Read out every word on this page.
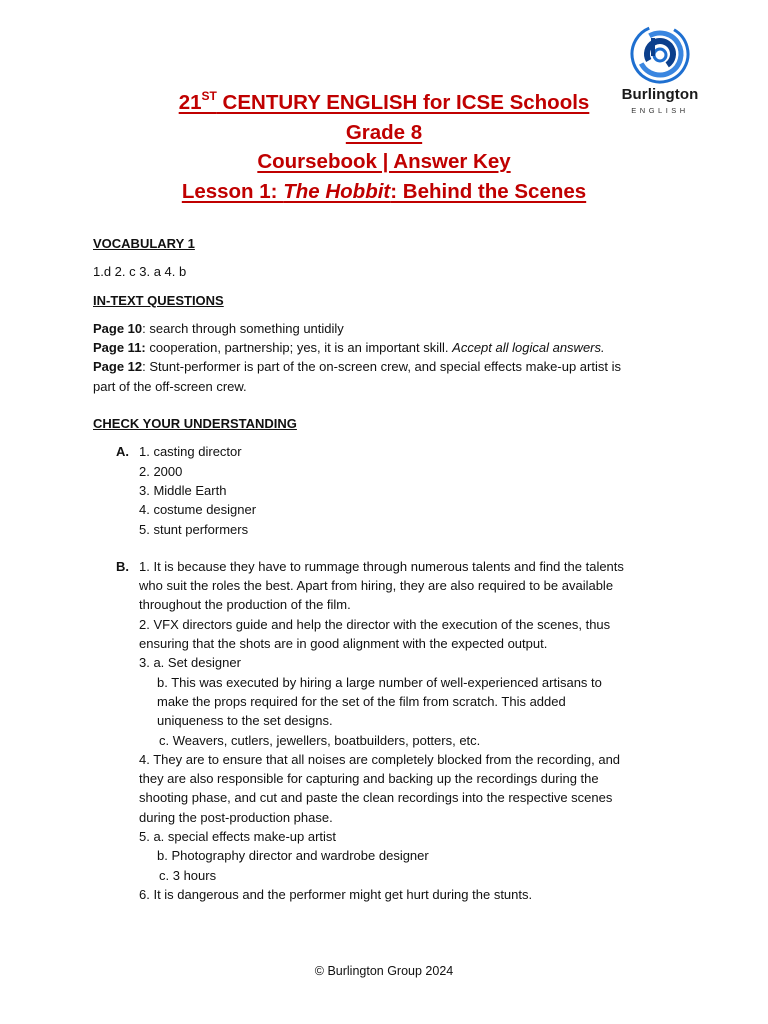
Burlington
ENGLISH
21ST CENTURY ENGLISH for ICSE Schools
Grade 8
Coursebook | Answer Key
Lesson 1: The Hobbit: Behind the Scenes

VOCABULARY 1

1.d 2. c 3. a 4. b

IN-TEXT QUESTIONS

Page 10: search through something untidily

Page 11: cooperation, partnership; yes, it is an important skill. Accept all logical answers.

Page 12: Stunt-performer is part of the on-screen crew, and special effects make-up artist is

part of the off-screen crew.

CHECK YOUR UNDERSTANDING

A. 1. casting director
2. 2000
3. Middle Earth
4. costume designer
5. stunt performers
B. 1. It is because they have to rummage through numerous talents and find the talents
who suit the roles the best. Apart from hiring, they are also required to be available
throughout the production of the film.
2. VFX directors guide and help the director with the execution of the scenes, thus
ensuring that the shots are in good alignment with the expected output.
3. a. Set designer
b. This was executed by hiring a large number of well-experienced artisans to
make the props required for the set of the film from scratch. This added
uniqueness to the set designs.
c. Weavers, cutlers, jewellers, boatbuilders, potters, etc.
4. They are to ensure that all noises are completely blocked from the recording, and
they are also responsible for capturing and backing up the recordings during the
shooting phase, and cut and paste the clean recordings into the respective scenes
during the post-production phase.
5. a. special effects make-up artist
b. Photography director and wardrobe designer
c. 3 hours
6. It is dangerous and the performer might get hurt during the stunts.
© Burlington Group 2024
